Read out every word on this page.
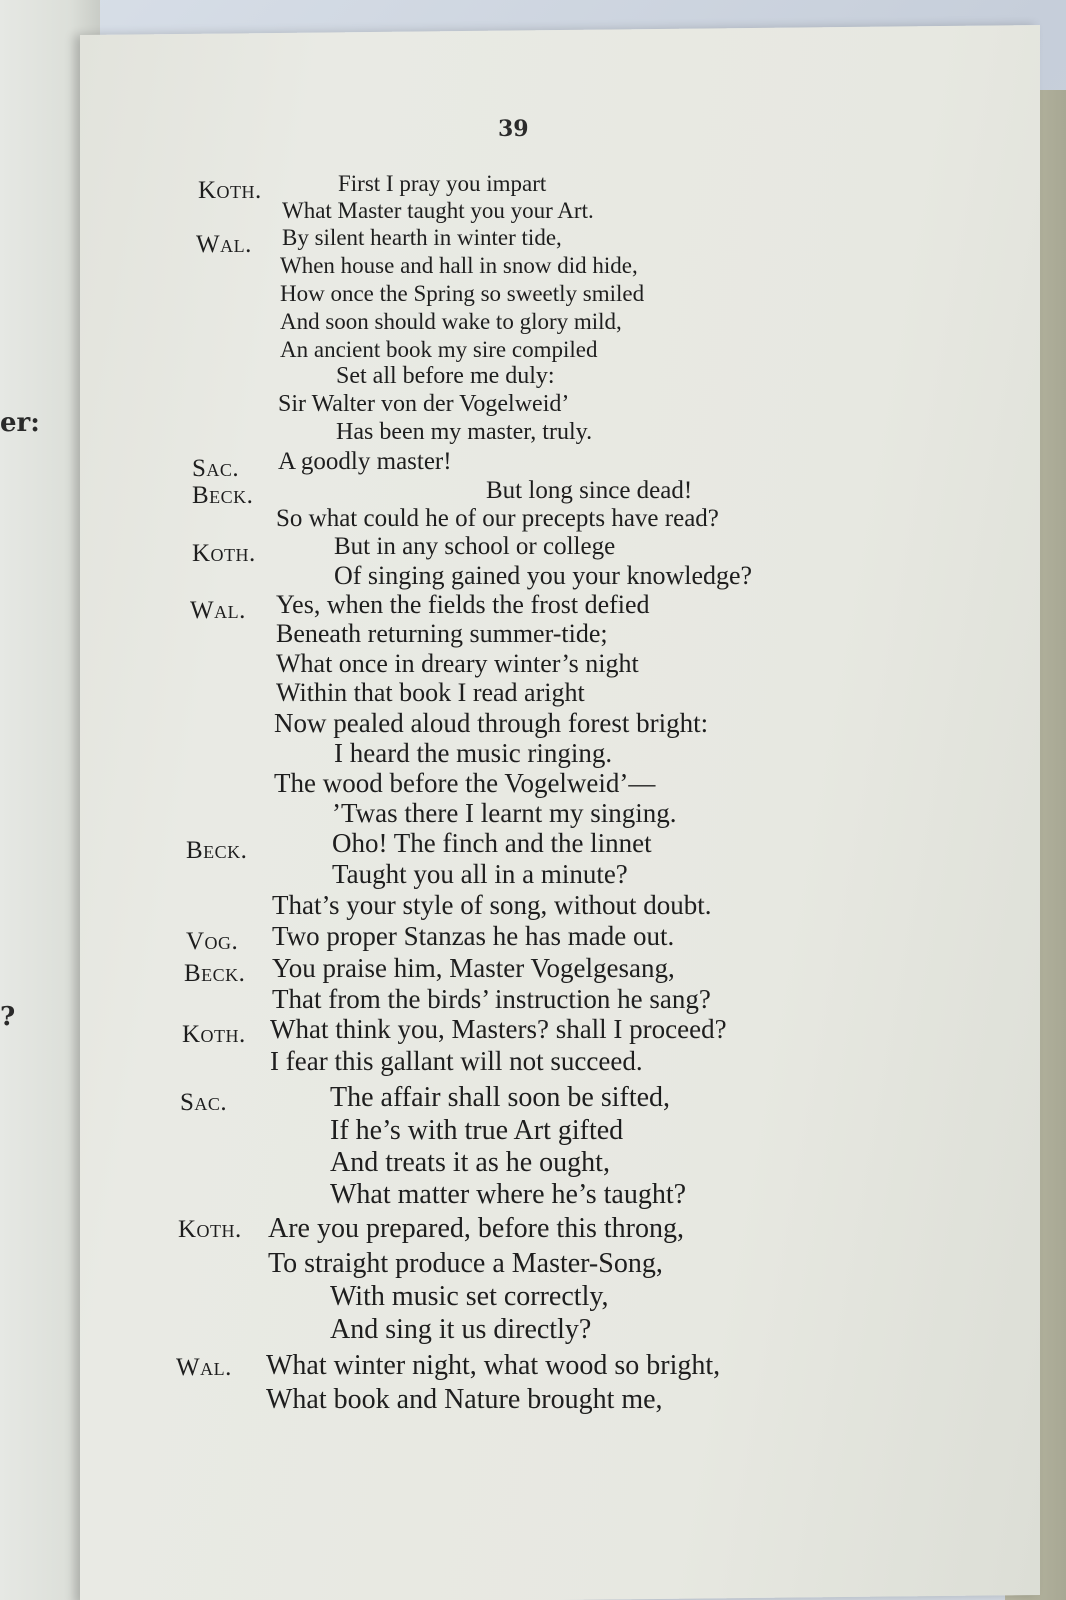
er:
?
39
Koth.
Wal.
Sac.
Beck.
Koth.
Wal.
Beck.
Vog.
Beck.
Koth.
Sac.
Koth.
Wal.
First I pray you impart
What Master taught you your Art.
By silent hearth in winter tide,
When house and hall in snow did hide,
How once the Spring so sweetly smiled
And soon should wake to glory mild,
An ancient book my sire compiled
Set all before me duly:
Sir Walter von der Vogelweid’
Has been my master, truly.
A goodly master!
But long since dead!
So what could he of our precepts have read?
But in any school or college
Of singing gained you your knowledge?
Yes, when the fields the frost defied
Beneath returning summer-tide;
What once in dreary winter’s night
Within that book I read aright
Now pealed aloud through forest bright:
I heard the music ringing.
The wood before the Vogelweid’—
’Twas there I learnt my singing.
Oho! The finch and the linnet
Taught you all in a minute?
That’s your style of song, without doubt.
Two proper Stanzas he has made out.
You praise him, Master Vogelgesang,
That from the birds’ instruction he sang?
What think you, Masters? shall I proceed?
I fear this gallant will not succeed.
The affair shall soon be sifted,
If he’s with true Art gifted
And treats it as he ought,
What matter where he’s taught?
Are you prepared, before this throng,
To straight produce a Master-Song,
With music set correctly,
And sing it us directly?
What winter night, what wood so bright,
What book and Nature brought me,
